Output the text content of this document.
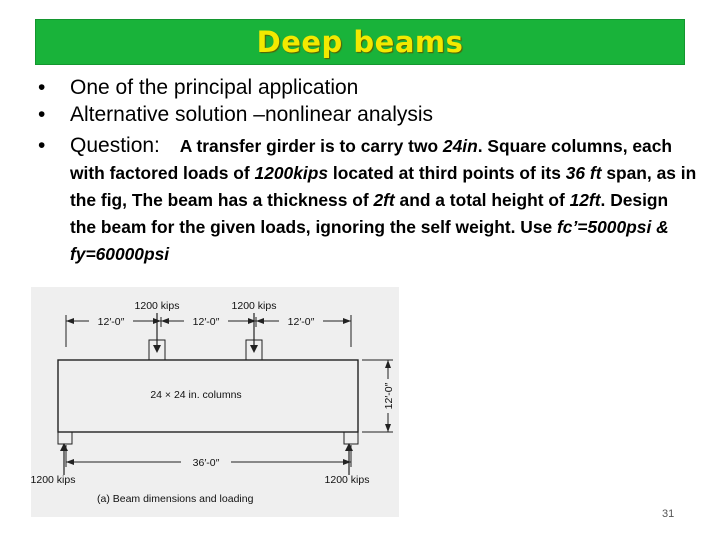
Deep beams
• One of the principal application
• Alternative solution –nonlinear analysis
• Question: A transfer girder is to carry two 24in. Square columns, each with factored loads of 1200kips located at third points of its 36 ft span, as in the fig, The beam has a thickness of 2ft and a total height of 12ft. Design the beam for the given loads, ignoring the self weight. Use fc’=5000psi & fy=60000psi
12′-0″	12′-0″	12′-0″
1200 kips	1200 kips
24 × 24 in. columns	12′-0″
36′-0″
1200 kips	1200 kips
(a) Beam dimensions and loading
31
